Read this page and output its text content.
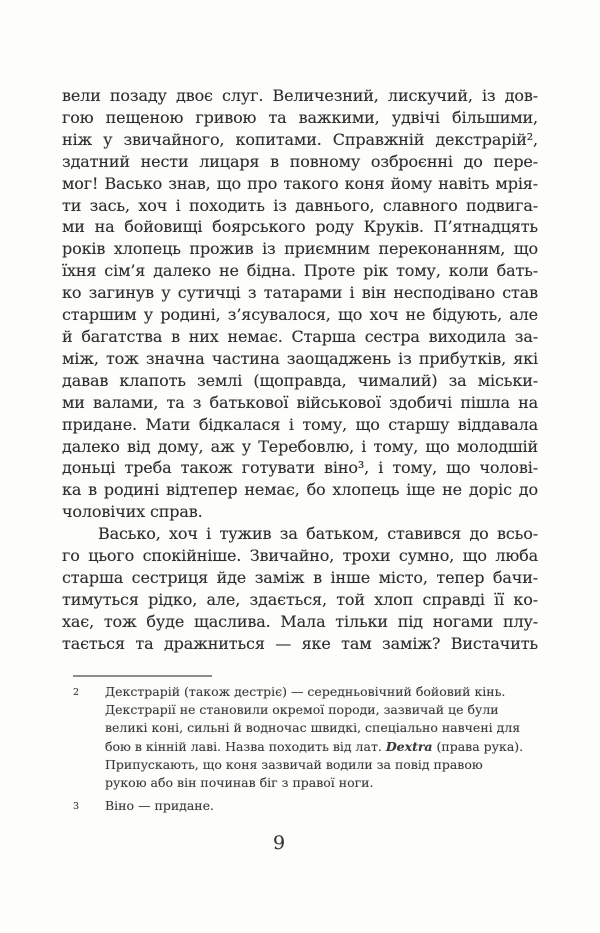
вели позаду двоє слуг. Величезний, лискучий, із дов-
гою пещеною гривою та важкими, удвічі більшими,
ніж у звичайного, копитами. Справжній декстрарій²,
здатний нести лицаря в повному озброєнні до пере-
мог! Васько знав, що про такого коня йому навіть мрія-
ти зась, хоч і походить із давнього, славного подвига-
ми на бойовищі боярського роду Круків. П’ятнадцять
років хлопець прожив із приємним переконанням, що
їхня сім’я далеко не бідна. Проте рік тому, коли бать-
ко загинув у сутичці з татарами і він несподівано став
старшим у родині, з’ясувалося, що хоч не бідують, але
й багатства в них немає. Старша сестра виходила за-
між, тож значна частина заощаджень із прибутків, які
давав клапоть землі (щоправда, чималий) за міськи-
ми валами, та з батькової військової здобичі пішла на
придане. Мати бідкалася і тому, що старшу віддавала
далеко від дому, аж у Теребовлю, і тому, що молодшій
доньці треба також готувати віно³, і тому, що чолові-
ка в родині відтепер немає, бо хлопець іще не доріс до
чоловічих справ.
Васько, хоч і тужив за батьком, ставився до всьо-
го цього спокійніше. Звичайно, трохи сумно, що люба
старша сестриця йде заміж в інше місто, тепер бачи-
тимуться рідко, але, здається, той хлоп справді її ко-
хає, тож буде щаслива. Мала тільки під ногами плу-
тається та дражниться — яке там заміж? Вистачить
2	Декстрарій (також дестріє) — середньовічний бойовий кінь.
Декстрарії не становили окремої породи, зазвичай це були
великі коні, сильні й водночас швидкі, спеціально навчені для
бою в кінній лаві. Назва походить від лат. Dextra (права рука).
Припускають, що коня зазвичай водили за повід правою
рукою або він починав біг з правої ноги.
3	Віно — придане.
9
